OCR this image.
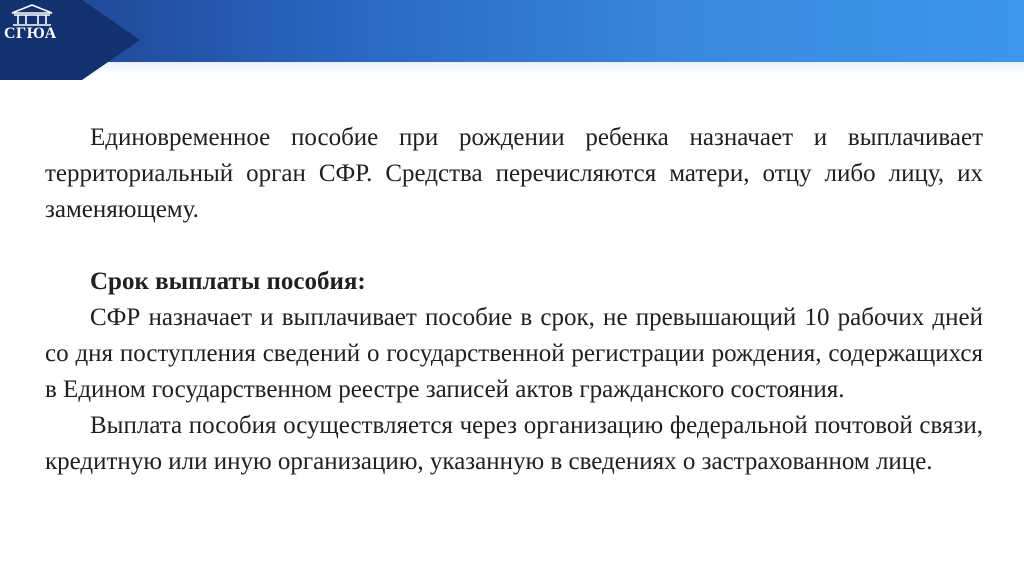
СГЮА

Единовременное пособие при рождении ребенка назначает и выплачивает территориальный орган СФР. Средства перечисляются матери, отцу либо лицу, их заменяющему.

Срок выплаты пособия:

СФР назначает и выплачивает пособие в срок, не превышающий 10 рабочих дней со дня поступления сведений о государственной регистрации рождения, содержащихся в Едином государственном реестре записей актов гражданского состояния.

Выплата пособия осуществляется через организацию федеральной почтовой связи, кредитную или иную организацию, указанную в сведениях о застрахованном лице.
